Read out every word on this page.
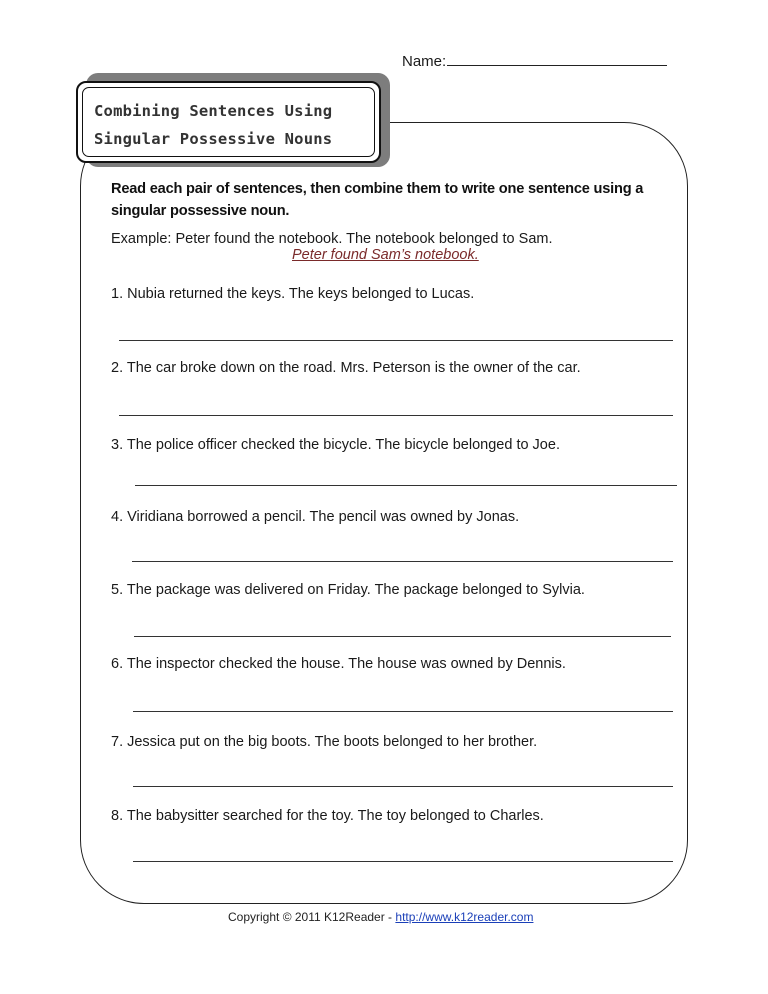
Name:
Combining Sentences Using
Singular Possessive Nouns
Read each pair of sentences, then combine them to write one sentence using a singular possessive noun.
Example: Peter found the notebook. The notebook belonged to Sam.
Peter found Sam’s notebook.
1. Nubia returned the keys. The keys belonged to Lucas.
2. The car broke down on the road. Mrs. Peterson is the owner of the car.
3. The police officer checked the bicycle. The bicycle belonged to Joe.
4. Viridiana borrowed a pencil. The pencil was owned by Jonas.
5. The package was delivered on Friday. The package belonged to Sylvia.
6. The inspector checked the house. The house was owned by Dennis.
7. Jessica put on the big boots. The boots belonged to her brother.
8. The babysitter searched for the toy. The toy belonged to Charles.
Copyright © 2011 K12Reader - http://www.k12reader.com
